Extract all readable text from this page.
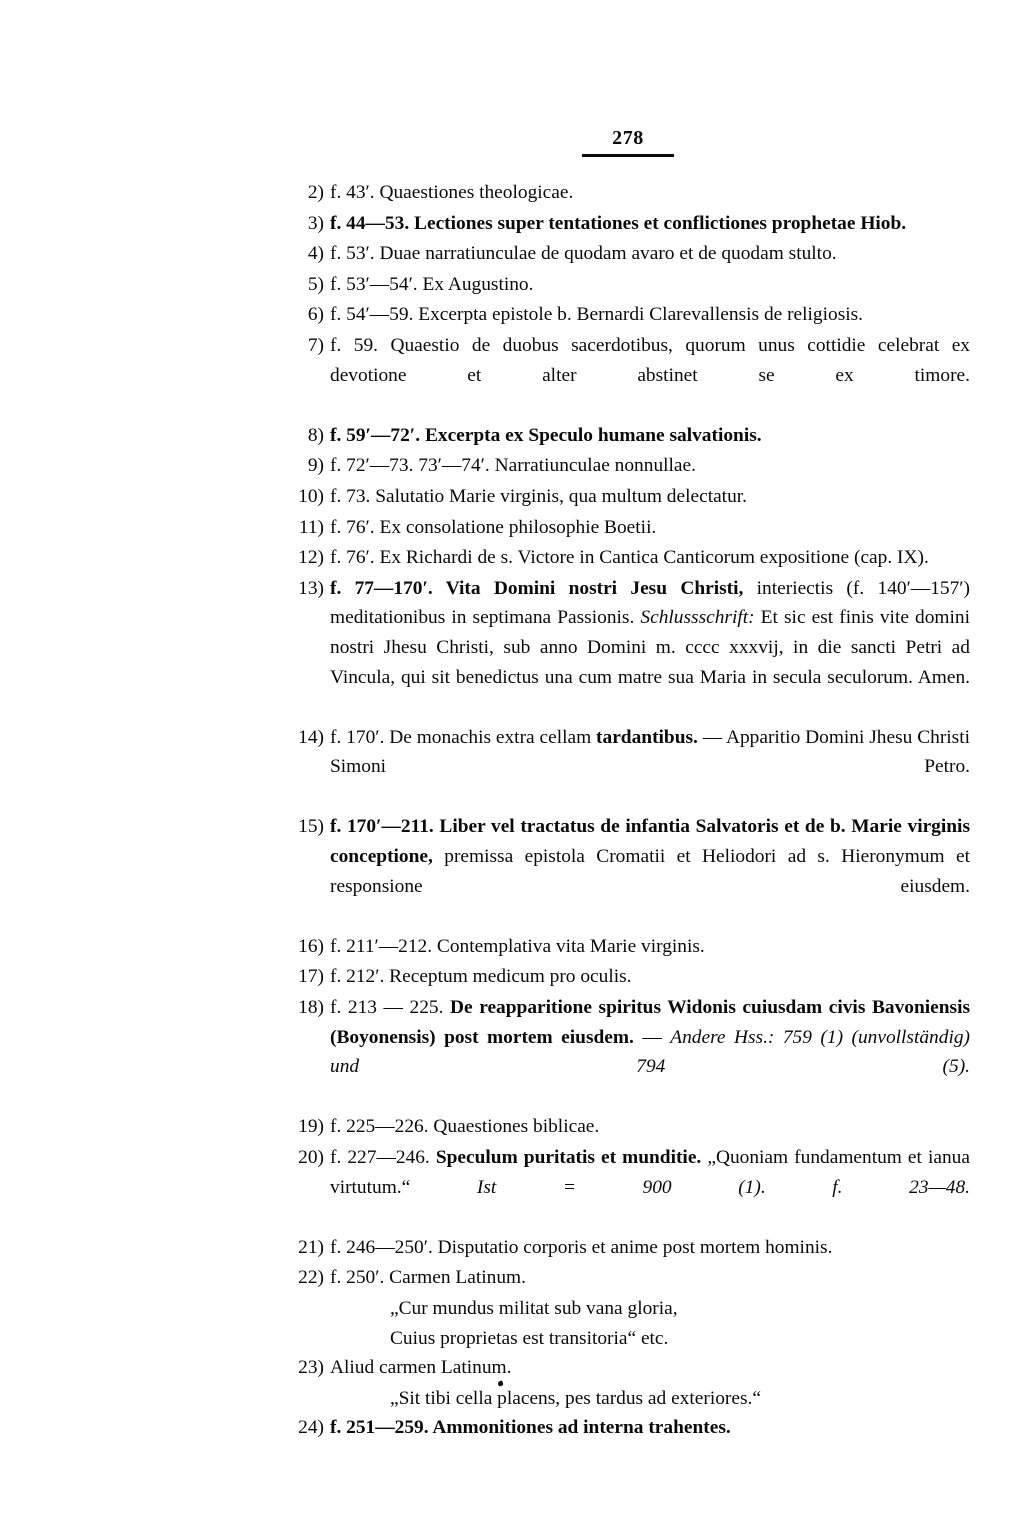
278

2) f. 43′. Quaestiones theologicae.

3) f. 44—53. Lectiones super tentationes et conflictiones prophetae Hiob.

4) f. 53′. Duae narratiunculae de quodam avaro et de quodam stulto.

5) f. 53′—54′. Ex Augustino.

6) f. 54′—59. Excerpta epistole b. Bernardi Clarevallensis de religiosis.

7) f. 59. Quaestio de duobus sacerdotibus, quorum unus cottidie celebrat ex devotione et alter abstinet se ex timore.

8) f. 59′—72′. Excerpta ex Speculo humane salvationis.

9) f. 72′—73. 73′—74′. Narratiunculae nonnullae.

10) f. 73. Salutatio Marie virginis, qua multum delectatur.

11) f. 76′. Ex consolatione philosophie Boetii.

12) f. 76′. Ex Richardi de s. Victore in Cantica Canticorum expositione (cap. IX).

13) f. 77—170′. Vita Domini nostri Jesu Christi, interiectis (f. 140′—157′) meditationibus in septimana Passionis. Schlussschrift: Et sic est finis vite domini nostri Jhesu Christi, sub anno Domini m. cccc xxxvij, in die sancti Petri ad Vincula, qui sit benedictus una cum matre sua Maria in secula seculorum. Amen.

14) f. 170′. De monachis extra cellam tardantibus. — Apparitio Domini Jhesu Christi Simoni Petro.

15) f. 170′—211. Liber vel tractatus de infantia Salvatoris et de b. Marie virginis conceptione, premissa epistola Cromatii et Heliodori ad s. Hieronymum et responsione eiusdem.

16) f. 211′—212. Contemplativa vita Marie virginis.

17) f. 212′. Receptum medicum pro oculis.

18) f. 213 — 225. De reapparitione spiritus Widonis cuiusdam civis Bavoniensis (Boyonensis) post mortem eiusdem. — Andere Hss.: 759 (1) (unvollständig) und 794 (5).

19) f. 225—226. Quaestiones biblicae.

20) f. 227—246. Speculum puritatis et munditie. „Quoniam fundamentum et ianua virtutum.“ Ist = 900 (1). f. 23—48.

21) f. 246—250′. Disputatio corporis et anime post mortem hominis.

22) f. 250′. Carmen Latinum.

„Cur mundus militat sub vana gloria,

Cuius proprietas est transitoria“ etc.

23) Aliud carmen Latinum.

„Sit tibi cella placens, pes tardus ad exteriores.“

24) f. 251—259. Ammonitiones ad interna trahentes.
